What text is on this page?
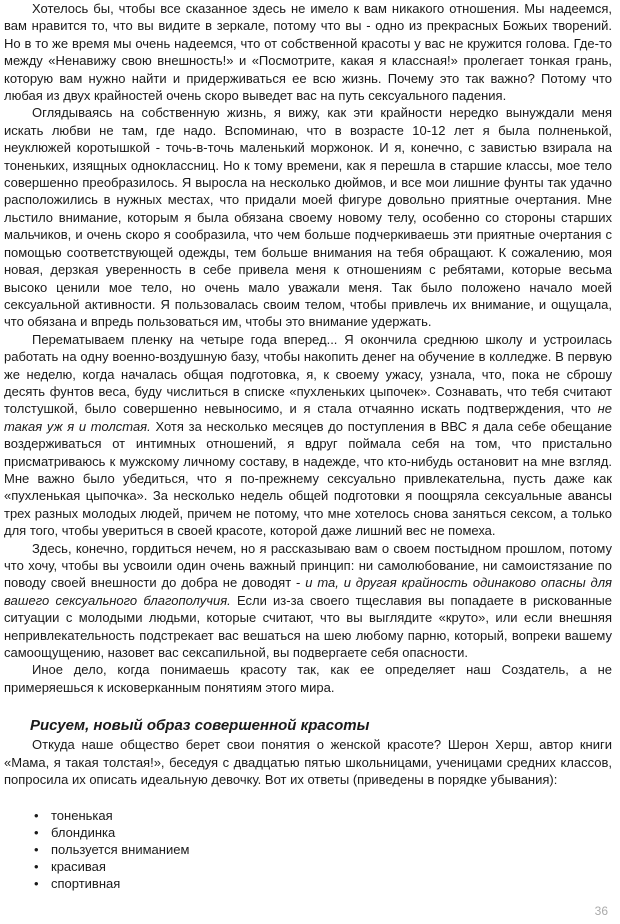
Хотелось бы, чтобы все сказанное здесь не имело к вам никакого отношения. Мы надеемся, вам нравится то, что вы видите в зеркале, потому что вы - одно из прекрасных Божьих творений. Но в то же время мы очень надеемся, что от собственной красоты у вас не кружится голова. Где-то между «Ненавижу свою внешность!» и «Посмотрите, какая я классная!» пролегает тонкая грань, которую вам нужно найти и придерживаться ее всю жизнь. Почему это так важно? Потому что любая из двух крайностей очень скоро выведет вас на путь сексуального падения.

Оглядываясь на собственную жизнь, я вижу, как эти крайности нередко вынуждали меня искать любви не там, где надо. Вспоминаю, что в возрасте 10-12 лет я была полненькой, неуклюжей коротышкой - точь-в-точь маленький моржонок. И я, конечно, с завистью взирала на тоненьких, изящных одноклассниц. Но к тому времени, как я перешла в старшие классы, мое тело совершенно преобразилось. Я выросла на несколько дюймов, и все мои лишние фунты так удачно расположились в нужных местах, что придали моей фигуре довольно приятные очертания. Мне льстило внимание, которым я была обязана своему новому телу, особенно со стороны старших мальчиков, и очень скоро я сообразила, что чем больше подчеркиваешь эти приятные очертания с помощью соответствующей одежды, тем больше внимания на тебя обращают. К сожалению, моя новая, дерзкая уверенность в себе привела меня к отношениям с ребятами, которые весьма высоко ценили мое тело, но очень мало уважали меня. Так было положено начало моей сексуальной активности. Я пользовалась своим телом, чтобы привлечь их внимание, и ощущала, что обязана и впредь пользоваться им, чтобы это внимание удержать.

Перематываем пленку на четыре года вперед... Я окончила среднюю школу и устроилась работать на одну военно-воздушную базу, чтобы накопить денег на обучение в колледже. В первую же неделю, когда началась общая подготовка, я, к своему ужасу, узнала, что, пока не сброшу десять фунтов веса, буду числиться в списке «пухленьких цыпочек». Сознавать, что тебя считают толстушкой, было совершенно невыносимо, и я стала отчаянно искать подтверждения, что не такая уж я и толстая. Хотя за несколько месяцев до поступления в ВВС я дала себе обещание воздерживаться от интимных отношений, я вдруг поймала себя на том, что пристально присматриваюсь к мужскому личному составу, в надежде, что кто-нибудь остановит на мне взгляд. Мне важно было убедиться, что я по-прежнему сексуально привлекательна, пусть даже как «пухленькая цыпочка». За несколько недель общей подготовки я поощряла сексуальные авансы трех разных молодых людей, причем не потому, что мне хотелось снова заняться сексом, а только для того, чтобы увериться в своей красоте, которой даже лишний вес не помеха.

Здесь, конечно, гордиться нечем, но я рассказываю вам о своем постыдном прошлом, потому что хочу, чтобы вы усвоили один очень важный принцип: ни самолюбование, ни самоистязание по поводу своей внешности до добра не доводят - и та, и другая крайность одинаково опасны для вашего сексуального благополучия. Если из-за своего тщеславия вы попадаете в рискованные ситуации с молодыми людьми, которые считают, что вы выглядите «круто», или если внешняя непривлекательность подстрекает вас вешаться на шею любому парню, который, вопреки вашему самоощущению, назовет вас сексапильной, вы подвергаете себя опасности.

Иное дело, когда понимаешь красоту так, как ее определяет наш Создатель, а не примеряешься к исковерканным понятиям этого мира.

Рисуем, новый образ совершенной красоты

Откуда наше общество берет свои понятия о женской красоте? Шерон Херш, автор книги «Мама, я такая толстая!», беседуя с двадцатью пятью школьницами, ученицами средних классов, попросила их описать идеальную девочку. Вот их ответы (приведены в порядке убывания):

• тоненькая
• блондинка
• пользуется вниманием
• красивая
• спортивная
36
